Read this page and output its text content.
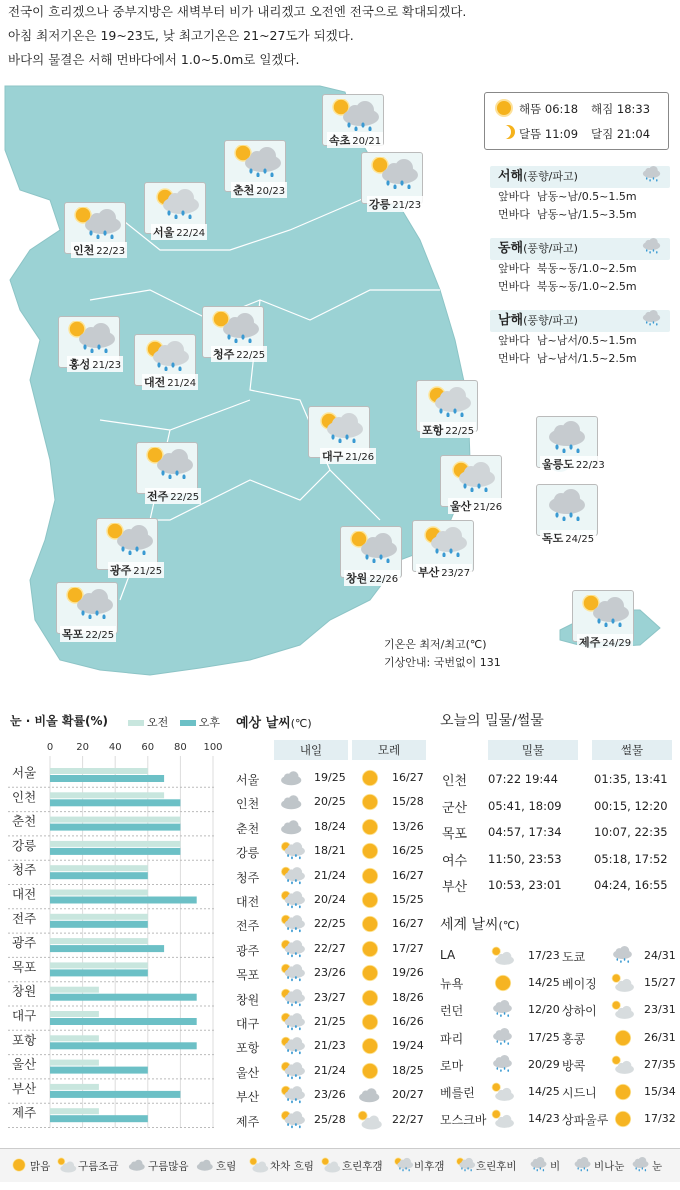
전국이 흐리겠으나 중부지방은 새벽부터 비가 내리겠고 오전엔 전국으로 확대되겠다.
아침 최저기온은 19~23도, 낮 최고기온은 21~27도가 되겠다.
바다의 물결은 서해 먼바다에서 1.0~5.0m로 일겠다.
속초 20/21
춘천 20/23
강릉 21/23
서울 22/24
인천 22/23
홍성 21/23
청주 22/25
대전 21/24
포항 22/25
대구 21/26
울릉도 22/23
울산 21/26
전주 22/25
독도 24/25
광주 21/25
창원 22/26
부산 23/27
목포 22/25
제주 24/29
해뜸 06:18 해짐 18:33
달뜸 11:09 달짐 21:04
서해(풍향/파고)
앞바다 남동~남/0.5~1.5m
먼바다 남동~남/1.5~3.5m
동해(풍향/파고)
앞바다 북동~동/1.0~2.5m
먼바다 북동~동/1.0~2.5m
남해(풍향/파고)
앞바다 남~남서/0.5~1.5m
먼바다 남~남서/1.5~2.5m
기온은 최저/최고(℃)
기상안내: 국번없이 131
눈 · 비올 확률(%)	오전	오후
0 20 40 60 80 100
서울
인천
춘천
강릉
청주
대전
전주
광주
목포
창원
대구
포항
울산
부산
제주
예상 날씨(℃)
내일	모레
서울	19/25	16/27
인천	20/25	15/28
춘천	18/24	13/26
강릉	18/21	16/25
청주	21/24	16/27
대전	20/24	15/25
전주	22/25	16/27
광주	22/27	17/27
목포	23/26	19/26
창원	23/27	18/26
대구	21/25	16/26
포항	21/23	19/24
울산	21/24	18/25
부산	23/26	20/27
제주	25/28	22/27
오늘의 밀물/썰물
밀물	썰물
인천 07:22 19:44	01:35, 13:41
군산 05:41, 18:09	00:15, 12:20
목포 04:57, 17:34	10:07, 22:35
여수 11:50, 23:53	05:18, 17:52
부산 10:53, 23:01	04:24, 16:55
세계 날씨(℃)
LA	17/23 도쿄	24/31
뉴욕	14/25 베이징	15/27
런던	12/20 상하이	23/31
파리	17/25 홍콩	26/31
로마	20/29 방콕	27/35
베를린	14/25 시드니	15/34
모스크바	14/23 상파울루	17/32
맑음	구름조금	구름많음	흐림	차차 흐림	흐린후갬	비후갬	흐린후비	비	비나눈	눈
